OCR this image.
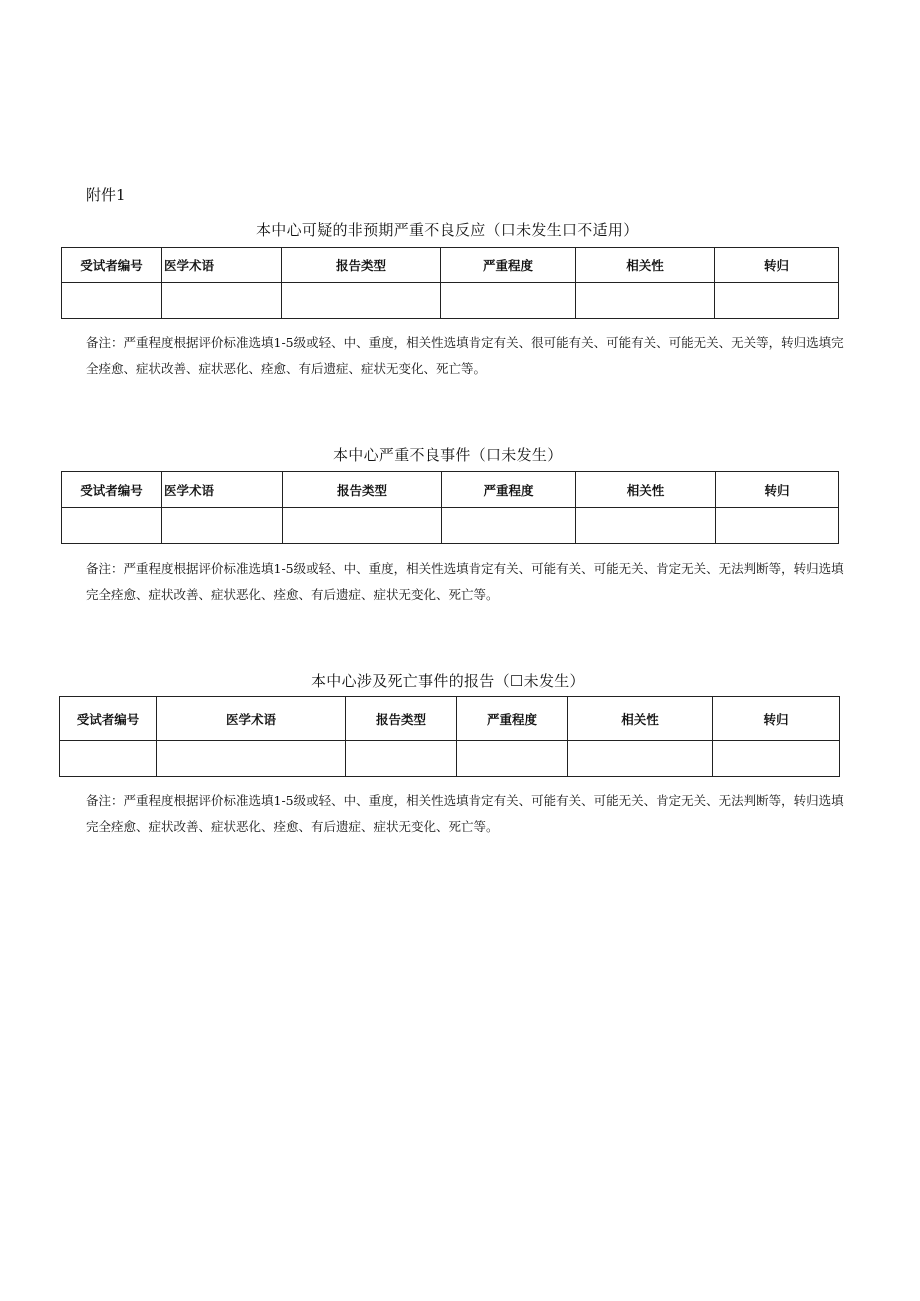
附件1
本中心可疑的非预期严重不良反应（口未发生口不适用）
受试者编号	医学术语	报告类型	严重程度	相关性	转归

备注：严重程度根据评价标准选填1-5级或轻、中、重度，相关性选填肯定有关、很可能有关、可能有关、可能无关、无关等，转归选填完全痊愈、症状改善、症状恶化、痊愈、有后遗症、症状无变化、死亡等。
本中心严重不良事件（口未发生）
受试者编号	医学术语	报告类型	严重程度	相关性	转归

备注：严重程度根据评价标准选填1-5级或轻、中、重度，相关性选填肯定有关、可能有关、可能无关、肯定无关、无法判断等，转归选填完全痊愈、症状改善、症状恶化、痊愈、有后遗症、症状无变化、死亡等。
本中心涉及死亡事件的报告（☐未发生）
受试者编号	医学术语	报告类型	严重程度	相关性	转归

备注：严重程度根据评价标准选填1-5级或轻、中、重度，相关性选填肯定有关、可能有关、可能无关、肯定无关、无法判断等，转归选填完全痊愈、症状改善、症状恶化、痊愈、有后遗症、症状无变化、死亡等。
